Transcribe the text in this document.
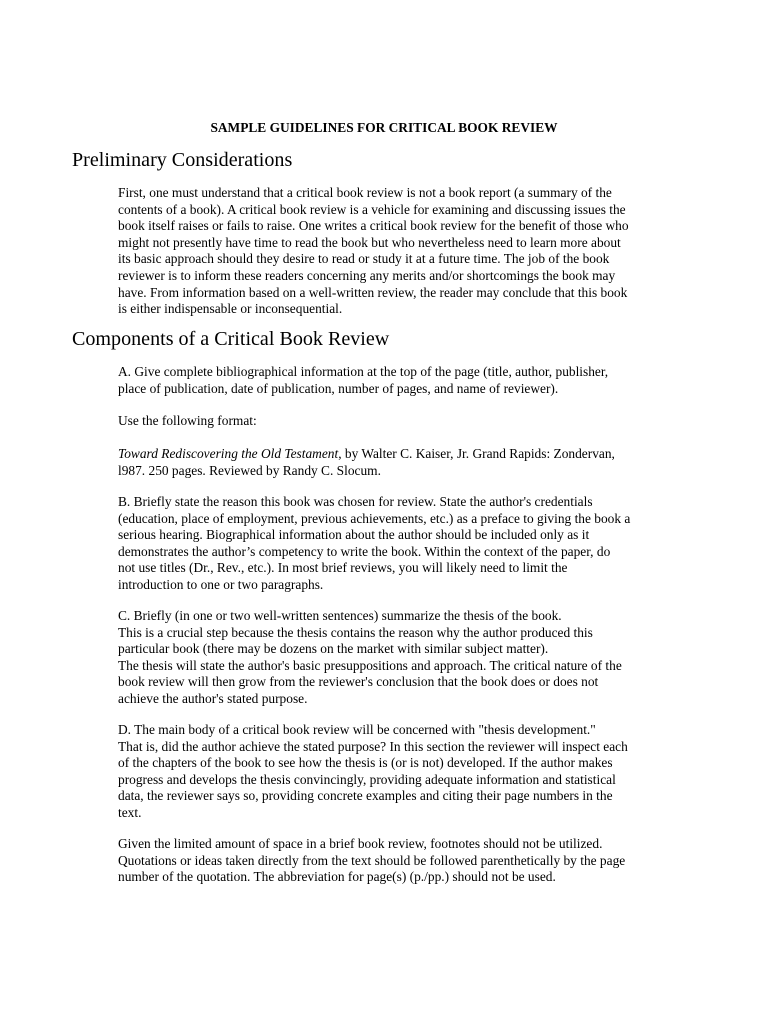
SAMPLE GUIDELINES FOR CRITICAL BOOK REVIEW
Preliminary Considerations
First, one must understand that a critical book review is not a book report (a summary of the
contents of a book). A critical book review is a vehicle for examining and discussing issues the
book itself raises or fails to raise. One writes a critical book review for the benefit of those who
might not presently have time to read the book but who nevertheless need to learn more about
its basic approach should they desire to read or study it at a future time. The job of the book
reviewer is to inform these readers concerning any merits and/or shortcomings the book may
have. From information based on a well-written review, the reader may conclude that this book
is either indispensable or inconsequential.
Components of a Critical Book Review
A. Give complete bibliographical information at the top of the page (title, author, publisher,
place of publication, date of publication, number of pages, and name of reviewer).
Use the following format:
Toward Rediscovering the Old Testament, by Walter C. Kaiser, Jr. Grand Rapids: Zondervan,
l987. 250 pages. Reviewed by Randy C. Slocum.
B. Briefly state the reason this book was chosen for review. State the author's credentials
(education, place of employment, previous achievements, etc.) as a preface to giving the book a
serious hearing. Biographical information about the author should be included only as it
demonstrates the author’s competency to write the book. Within the context of the paper, do
not use titles (Dr., Rev., etc.). In most brief reviews, you will likely need to limit the
introduction to one or two paragraphs.
C. Briefly (in one or two well-written sentences) summarize the thesis of the book.
This is a crucial step because the thesis contains the reason why the author produced this
particular book (there may be dozens on the market with similar subject matter).
The thesis will state the author's basic presuppositions and approach. The critical nature of the
book review will then grow from the reviewer's conclusion that the book does or does not
achieve the author's stated purpose.
D. The main body of a critical book review will be concerned with "thesis development."
That is, did the author achieve the stated purpose? In this section the reviewer will inspect each
of the chapters of the book to see how the thesis is (or is not) developed. If the author makes
progress and develops the thesis convincingly, providing adequate information and statistical
data, the reviewer says so, providing concrete examples and citing their page numbers in the
text.
Given the limited amount of space in a brief book review, footnotes should not be utilized.
Quotations or ideas taken directly from the text should be followed parenthetically by the page
number of the quotation. The abbreviation for page(s) (p./pp.) should not be used.
